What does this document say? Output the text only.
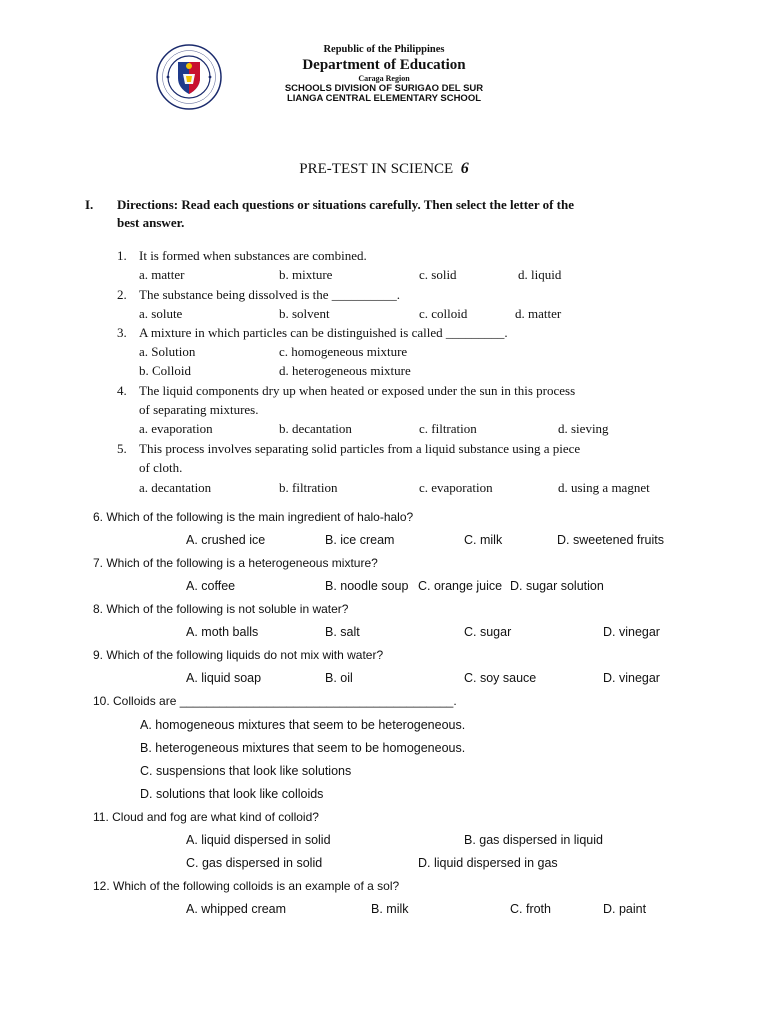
Republic of the Philippines
Department of Education
Caraga Region
SCHOOLS DIVISION OF SURIGAO DEL SUR
LIANGA CENTRAL ELEMENTARY SCHOOL
PRE-TEST IN SCIENCE 6
I. Directions: Read each questions or situations carefully. Then select the letter of the
best answer.
1. It is formed when substances are combined.
a. matter	b. mixture	c. solid	d. liquid
2. The substance being dissolved is the __________.
a. solute	b. solvent	c. colloid	d. matter
3. A mixture in which particles can be distinguished is called _________.
a. Solution	c. homogeneous mixture
b. Colloid	d. heterogeneous mixture
4. The liquid components dry up when heated or exposed under the sun in this process
of separating mixtures.
a. evaporation	b. decantation	c. filtration	d. sieving
5. This process involves separating solid particles from a liquid substance using a piece
of cloth.
a. decantation	b. filtration	c. evaporation	d. using a magnet
6. Which of the following is the main ingredient of halo-halo?
A. crushed ice	B. ice cream	C. milk	D. sweetened fruits
7. Which of the following is a heterogeneous mixture?
A. coffee	B. noodle soup C. orange juice D. sugar solution
8. Which of the following is not soluble in water?
A. moth balls	B. salt	C. sugar	D. vinegar
9. Which of the following liquids do not mix with water?
A. liquid soap	B. oil	C. soy sauce	D. vinegar
10. Colloids are _________________________________________.
A. homogeneous mixtures that seem to be heterogeneous.
B. heterogeneous mixtures that seem to be homogeneous.
C. suspensions that look like solutions
D. solutions that look like colloids
11. Cloud and fog are what kind of colloid?
A. liquid dispersed in solid	B. gas dispersed in liquid
C. gas dispersed in solid	D. liquid dispersed in gas
12. Which of the following colloids is an example of a sol?
A. whipped cream	B. milk	C. froth	D. paint
